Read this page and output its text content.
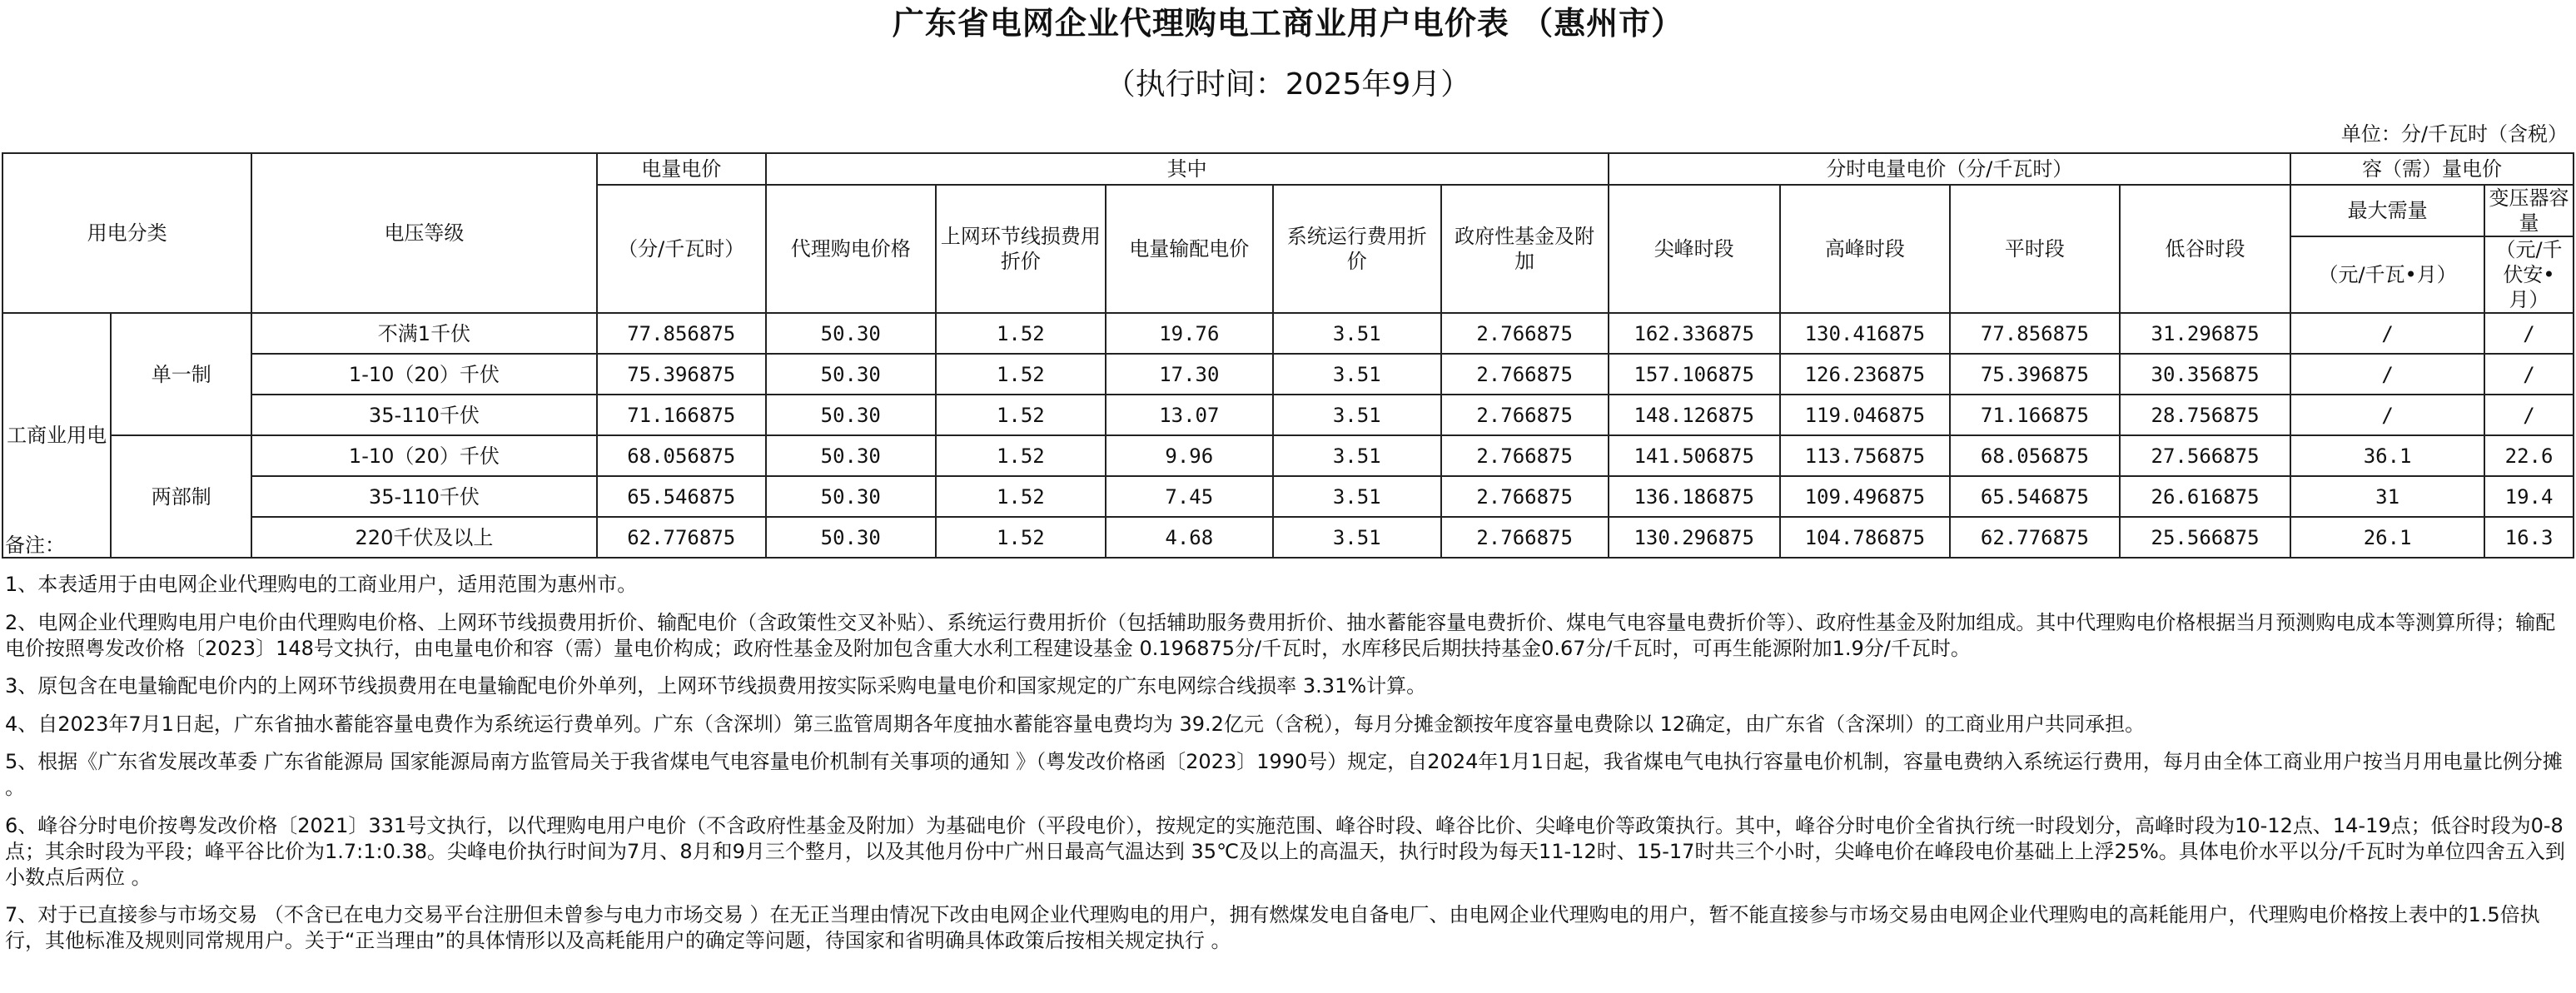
广东省电网企业代理购电工商业用户电价表 （惠州市）
（执行时间：2025年9月）
单位：分/千瓦时（含税）
用电分类		电压等级	电量电价	其中					分时电量电价（分/千瓦时）				容（需）量电价	
			（分/千瓦时）	代理购电价格	上网环节线损费用折价	电量输配电价	系统运行费用折价	政府性基金及附加	尖峰时段	高峰时段	平时段	低谷时段	最大需量	变压器容量
													（元/千瓦•月）	（元/千伏安•月）
工商业用电	单一制	不满1千伏	77.856875	50.30	1.52	19.76	3.51	2.766875	162.336875	130.416875	77.856875	31.296875	/	/
		1-10（20）千伏	75.396875	50.30	1.52	17.30	3.51	2.766875	157.106875	126.236875	75.396875	30.356875	/	/
		35-110千伏	71.166875	50.30	1.52	13.07	3.51	2.766875	148.126875	119.046875	71.166875	28.756875	/	/
	两部制	1-10（20）千伏	68.056875	50.30	1.52	9.96	3.51	2.766875	141.506875	113.756875	68.056875	27.566875	36.1	22.6
		35-110千伏	65.546875	50.30	1.52	7.45	3.51	2.766875	136.186875	109.496875	65.546875	26.616875	31	19.4
		220千伏及以上	62.776875	50.30	1.52	4.68	3.51	2.766875	130.296875	104.786875	62.776875	25.566875	26.1	16.3
备注：
1、本表适用于由电网企业代理购电的工商业用户，适用范围为惠州市。
2、电网企业代理购电用户电价由代理购电价格、上网环节线损费用折价、输配电价（含政策性交叉补贴）、系统运行费用折价（包括辅助服务费用折价、抽水蓄能容量电费折价、煤电气电容量电费折价等）、政府性基金及附加组成。其中代理购电价格根据当月预测购电成本等测算所得；输配电价按照粤发改价格〔2023〕148号文执行，由电量电价和容（需）量电价构成；政府性基金及附加包含重大水利工程建设基金 0.196875分/千瓦时，水库移民后期扶持基金0.67分/千瓦时，可再生能源附加1.9分/千瓦时。
3、原包含在电量输配电价内的上网环节线损费用在电量输配电价外单列，上网环节线损费用按实际采购电量电价和国家规定的广东电网综合线损率 3.31%计算。
4、自2023年7月1日起，广东省抽水蓄能容量电费作为系统运行费单列。广东（含深圳）第三监管周期各年度抽水蓄能容量电费均为 39.2亿元（含税），每月分摊金额按年度容量电费除以 12确定，由广东省（含深圳）的工商业用户共同承担。
5、根据《广东省发展改革委 广东省能源局 国家能源局南方监管局关于我省煤电气电容量电价机制有关事项的通知 》（粤发改价格函〔2023〕1990号）规定，自2024年1月1日起，我省煤电气电执行容量电价机制，容量电费纳入系统运行费用，每月由全体工商业用户按当月用电量比例分摊 。
6、峰谷分时电价按粤发改价格〔2021〕331号文执行，以代理购电用户电价（不含政府性基金及附加）为基础电价（平段电价），按规定的实施范围、峰谷时段、峰谷比价、尖峰电价等政策执行。其中，峰谷分时电价全省执行统一时段划分，高峰时段为10-12点、14-19点；低谷时段为0-8点；其余时段为平段；峰平谷比价为1.7:1:0.38。尖峰电价执行时间为7月、8月和9月三个整月，以及其他月份中广州日最高气温达到 35℃及以上的高温天，执行时段为每天11-12时、15-17时共三个小时，尖峰电价在峰段电价基础上上浮25%。具体电价水平以分/千瓦时为单位四舍五入到小数点后两位 。
7、对于已直接参与市场交易 （不含已在电力交易平台注册但未曾参与电力市场交易 ）在无正当理由情况下改由电网企业代理购电的用户，拥有燃煤发电自备电厂、由电网企业代理购电的用户，暂不能直接参与市场交易由电网企业代理购电的高耗能用户，代理购电价格按上表中的1.5倍执行，其他标准及规则同常规用户。关于“正当理由”的具体情形以及高耗能用户的确定等问题，待国家和省明确具体政策后按相关规定执行 。
